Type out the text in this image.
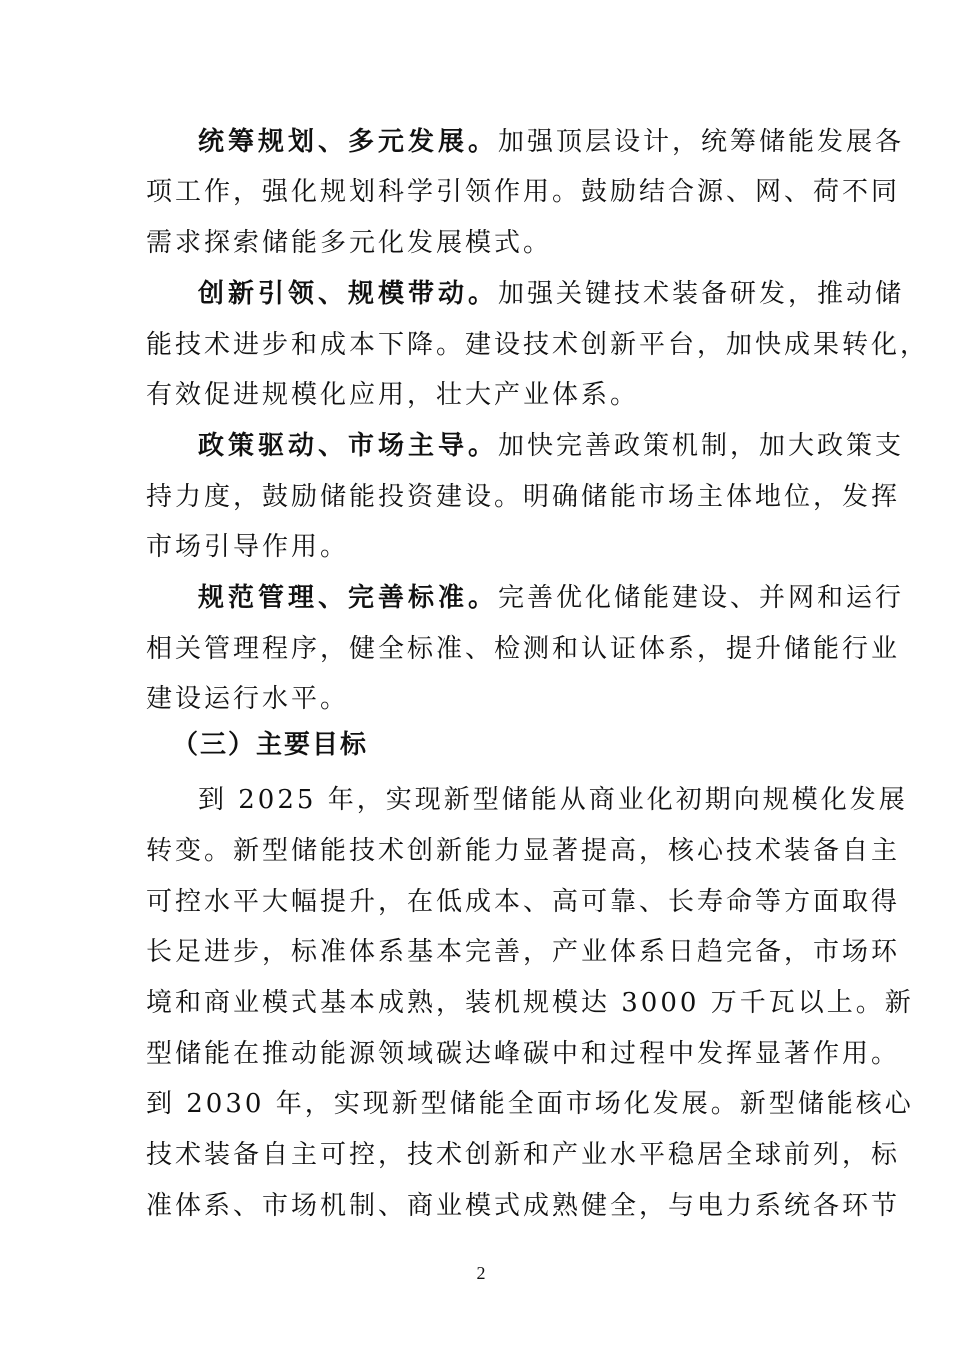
统筹规划、多元发展。加强顶层设计，统筹储能发展各
项工作，强化规划科学引领作用。鼓励结合源、网、荷不同
需求探索储能多元化发展模式。
创新引领、规模带动。加强关键技术装备研发，推动储
能技术进步和成本下降。建设技术创新平台，加快成果转化，
有效促进规模化应用，壮大产业体系。
政策驱动、市场主导。加快完善政策机制，加大政策支
持力度，鼓励储能投资建设。明确储能市场主体地位，发挥
市场引导作用。
规范管理、完善标准。完善优化储能建设、并网和运行
相关管理程序，健全标准、检测和认证体系，提升储能行业
建设运行水平。
（三）主要目标
到 2025 年，实现新型储能从商业化初期向规模化发展
转变。新型储能技术创新能力显著提高，核心技术装备自主
可控水平大幅提升，在低成本、高可靠、长寿命等方面取得
长足进步，标准体系基本完善，产业体系日趋完备，市场环
境和商业模式基本成熟，装机规模达 3000 万千瓦以上。新
型储能在推动能源领域碳达峰碳中和过程中发挥显著作用。
到 2030 年，实现新型储能全面市场化发展。新型储能核心
技术装备自主可控，技术创新和产业水平稳居全球前列，标
准体系、市场机制、商业模式成熟健全，与电力系统各环节
2
